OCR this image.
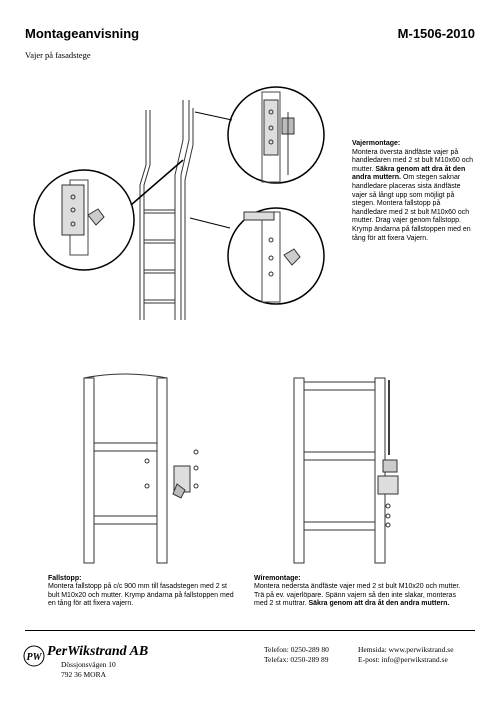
PW
Montageanvisning	M-1506-2010
Vajer på fasadstege
Vajermontage:
Montera översta ändfäste vajer på handledaren med 2 st bult M10x60 och mutter. Säkra genom att dra åt den andra muttern. Om stegen saknar handledare placeras sista ändfäste vajer så långt upp som möjligt på stegen. Montera fallstopp på handledare med 2 st bult M10x60 och mutter. Drag vajer genom fallstopp. Krymp ändarna på fallstoppen med en tång för att fixera Vajern.
Fallstopp:
Montera fallstopp på c/c 900 mm till fasadstegen med 2 st bult M10x20 och mutter. Krymp ändarna på fallstoppen med en tång för att fixera vajern.
Wiremontage:
Montera nedersta ändfäste vajer med 2 st bult M10x20 och mutter. Trä på ev. vajerlöpare. Spänn vajern så den inte slakar, monteras med 2 st muttrar. Säkra genom att dra åt den andra muttern.
PerWikstrand AB
Dössjonsvägen 10
792 36 MORA
Telefon: 0250-289 80
Telefax: 0250-289 89
Hemsida: www.perwikstrand.se
E-post: info@perwikstrand.se
